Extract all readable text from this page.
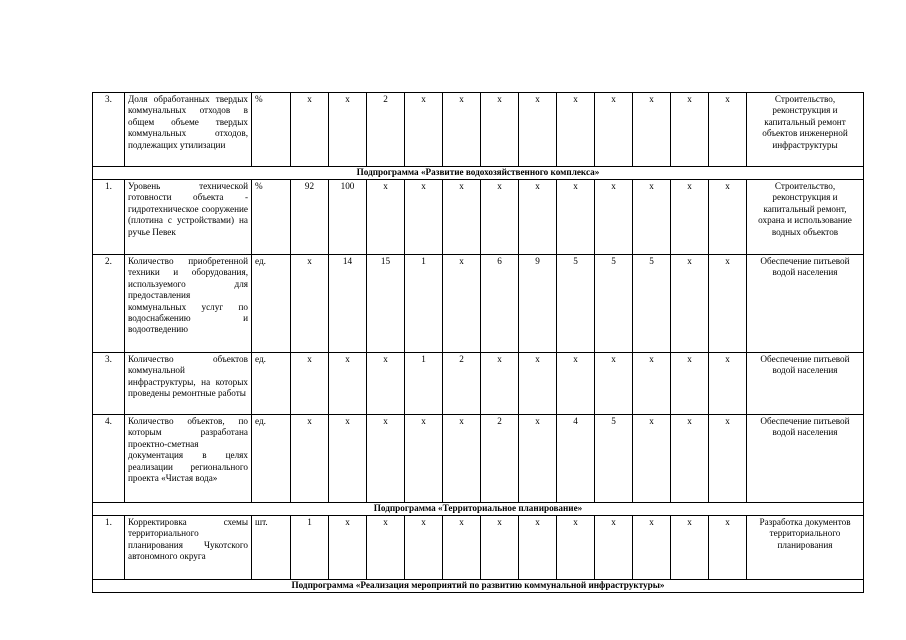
3.	Доля обработанных твердых коммунальных отходов в общем объеме твердых коммунальных отходов, подлежащих утилизации	%	x	x	2	x	x	x	x	x	x	x	x	x	Строительство, реконструкция и капитальный ремонт объектов инженерной инфраструктуры
Подпрограмма «Развитие водохозяйственного комплекса»															
1.	Уровень технической готовности объекта - гидротехническое сооружение (плотина с устройствами) на ручье Певек	%	92	100	x	x	x	x	x	x	x	x	x	x	Строительство, реконструкция и капитальный ремонт, охрана и использование водных объектов
2.	Количество приобретенной техники и оборудования, используемого для предоставления коммунальных услуг по водоснабжению и водоотведению	ед.	x	14	15	1	x	6	9	5	5	5	x	x	Обеспечение питьевой водой населения
3.	Количество объектов коммунальной инфраструктуры, на которых проведены ремонтные работы	ед.	x	x	x	1	2	x	x	x	x	x	x	x	Обеспечение питьевой водой населения
4.	Количество объектов, по которым разработана проектно-сметная документация в целях реализации регионального проекта «Чистая вода»	ед.	x	x	x	x	x	2	x	4	5	x	x	x	Обеспечение питьевой водой населения
Подпрограмма «Территориальное планирование»															
1.	Корректировка схемы территориального планирования Чукотского автономного округа	шт.	1	x	x	x	x	x	x	x	x	x	x	x	Разработка документов территориального планирования
Подпрограмма «Реализация мероприятий по развитию коммунальной инфраструктуры»															
